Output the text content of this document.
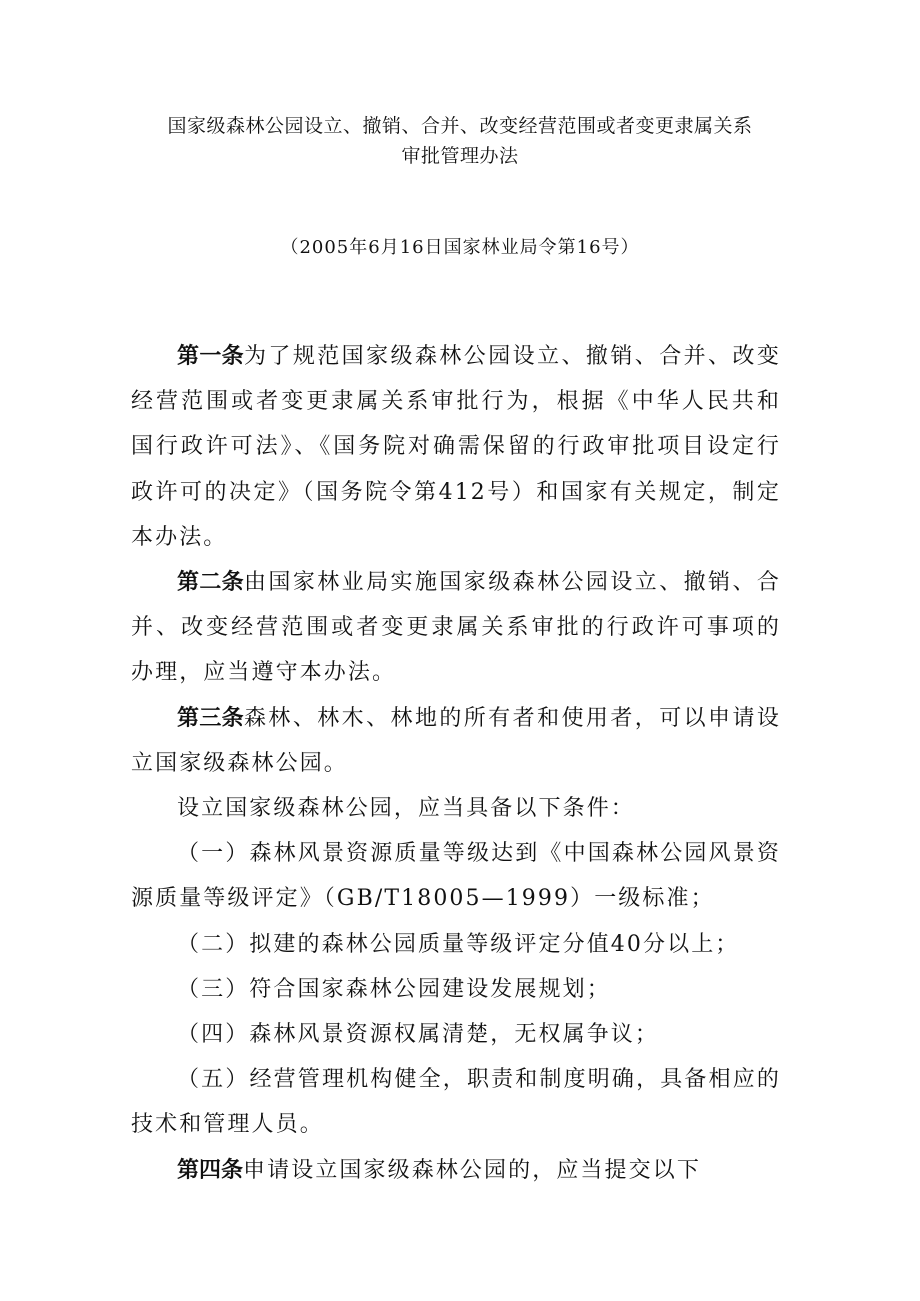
国家级森林公园设立、撤销、合并、改变经营范围或者变更隶属关系
审批管理办法
（2005年6月16日国家林业局令第16号）

第一条为了规范国家级森林公园设立、撤销、合并、改变经营范围或者变更隶属关系审批行为，根据《中华人民共和国行政许可法》、《国务院对确需保留的行政审批项目设定行政许可的决定》（国务院令第412号）和国家有关规定，制定本办法。

第二条由国家林业局实施国家级森林公园设立、撤销、合并、改变经营范围或者变更隶属关系审批的行政许可事项的办理，应当遵守本办法。

第三条森林、林木、林地的所有者和使用者，可以申请设立国家级森林公园。

设立国家级森林公园，应当具备以下条件：

（一）森林风景资源质量等级达到《中国森林公园风景资源质量等级评定》（GB/T18005—1999）一级标准；

（二）拟建的森林公园质量等级评定分值40分以上；

（三）符合国家森林公园建设发展规划；

（四）森林风景资源权属清楚，无权属争议；

（五）经营管理机构健全，职责和制度明确，具备相应的技术和管理人员。

第四条申请设立国家级森林公园的，应当提交以下
